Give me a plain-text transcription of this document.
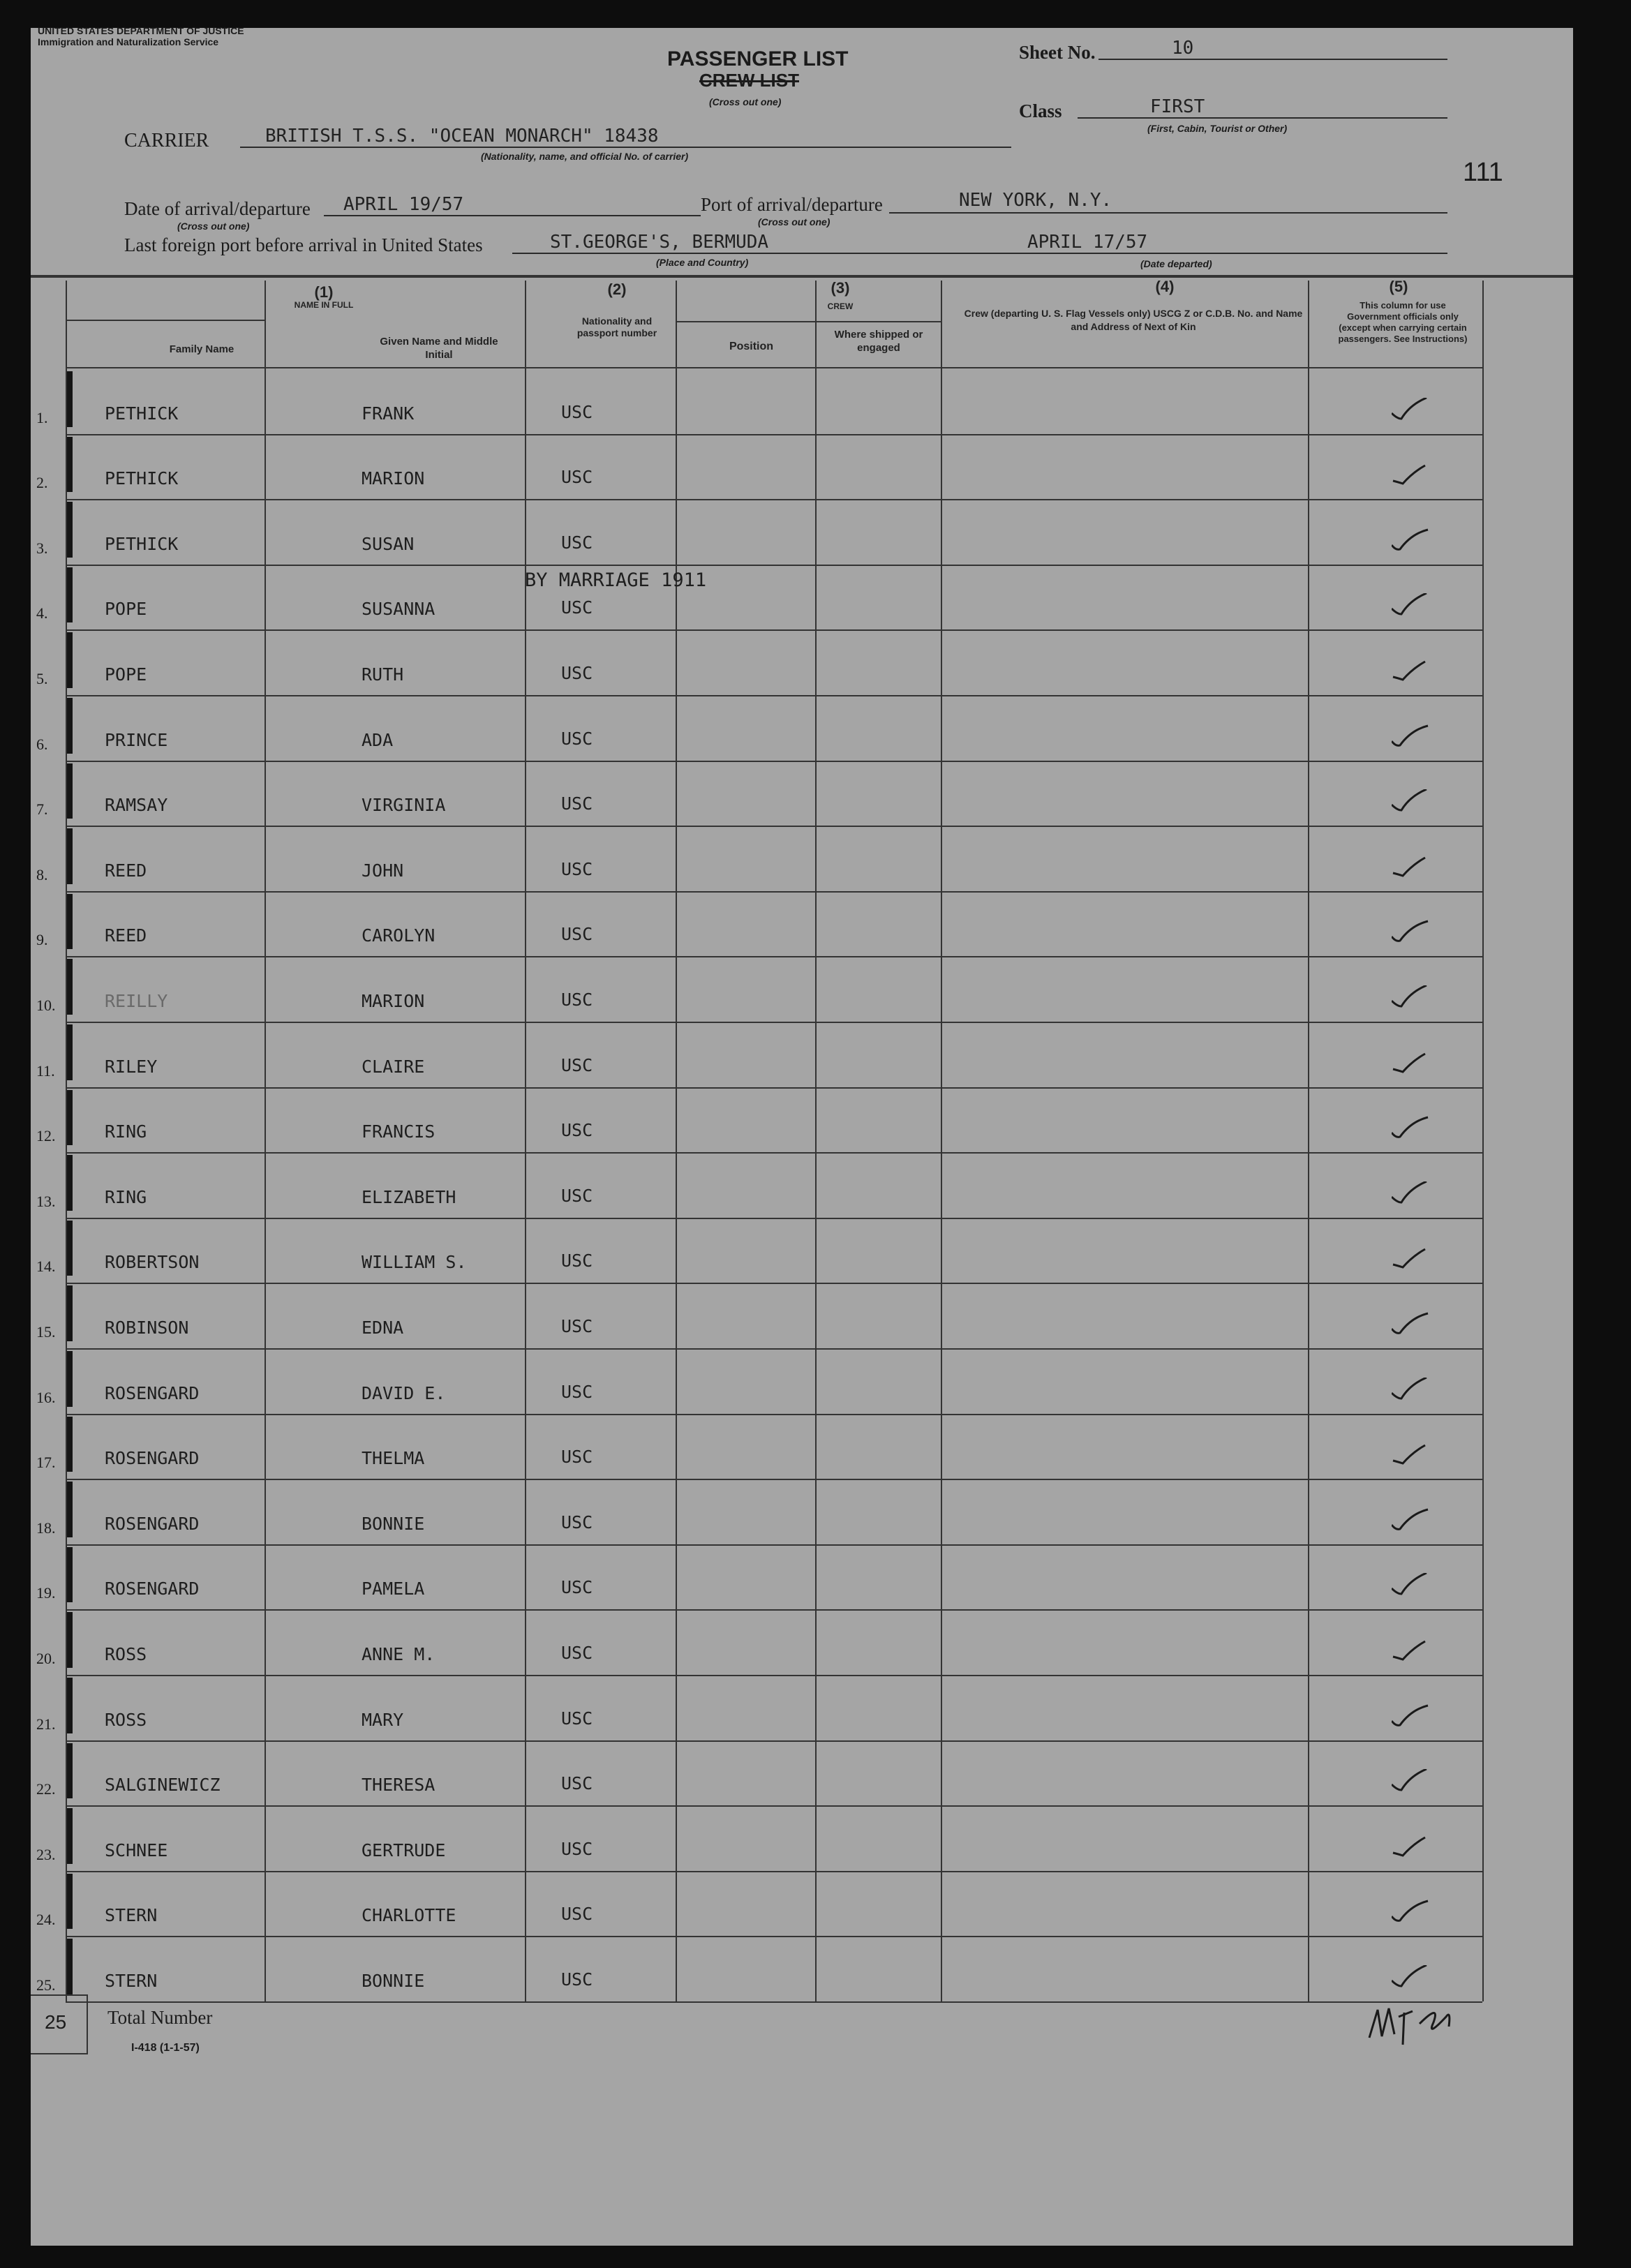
UNITED STATES DEPARTMENT OF JUSTICE
Immigration and Naturalization Service
PASSENGER LIST
CREW LIST
(Cross out one)
Sheet No.	10
Class	FIRST
(First, Cabin, Tourist or Other)
111
CARRIER	BRITISH T.S.S. "OCEAN MONARCH" 18438
(Nationality, name, and official No. of carrier)
Date of arrival/departure APRIL 19/57
(Cross out one)
Port of arrival/departure	NEW YORK, N.Y.
(Cross out one)
Last foreign port before arrival in United States	ST.GEORGE'S, BERMUDA
(Place and Country)
APRIL 17/57
(Date departed)
(1)
NAME IN FULL
Family Name
Given Name and Middle Initial
(2)
Nationality and passport number
(3)
CREW
Position
Where shipped or engaged
(4)
Crew (departing U. S. Flag Vessels only) USCG Z or C.D.B. No. and Name and Address of Next of Kin
(5)
This column for use Government officials only (except when carrying certain passengers. See Instructions)
1.	PETHICK	FRANK	USC
2.	PETHICK	MARION	USC
3.	PETHICK	SUSAN	USC
4.	POPE	SUSANNA	USC
5.	POPE	RUTH	USC
6.	PRINCE	ADA	USC
7.	RAMSAY	VIRGINIA	USC
8.	REED	JOHN	USC
9.	REED	CAROLYN	USC
10.	REILLY	MARION	USC
11.	RILEY	CLAIRE	USC
12.	RING	FRANCIS	USC
13.	RING	ELIZABETH	USC
14.	ROBERTSON	WILLIAM S.	USC
15.	ROBINSON	EDNA	USC
16.	ROSENGARD	DAVID E.	USC
17.	ROSENGARD	THELMA	USC
18.	ROSENGARD	BONNIE	USC
19.	ROSENGARD	PAMELA	USC
20.	ROSS	ANNE M.	USC
21.	ROSS	MARY	USC
22.	SALGINEWICZ	THERESA	USC
23.	SCHNEE	GERTRUDE	USC
24.	STERN	CHARLOTTE	USC
25.	STERN	BONNIE	USC
BY MARRIAGE 1911
25 Total Number
I-418 (1-1-57)
